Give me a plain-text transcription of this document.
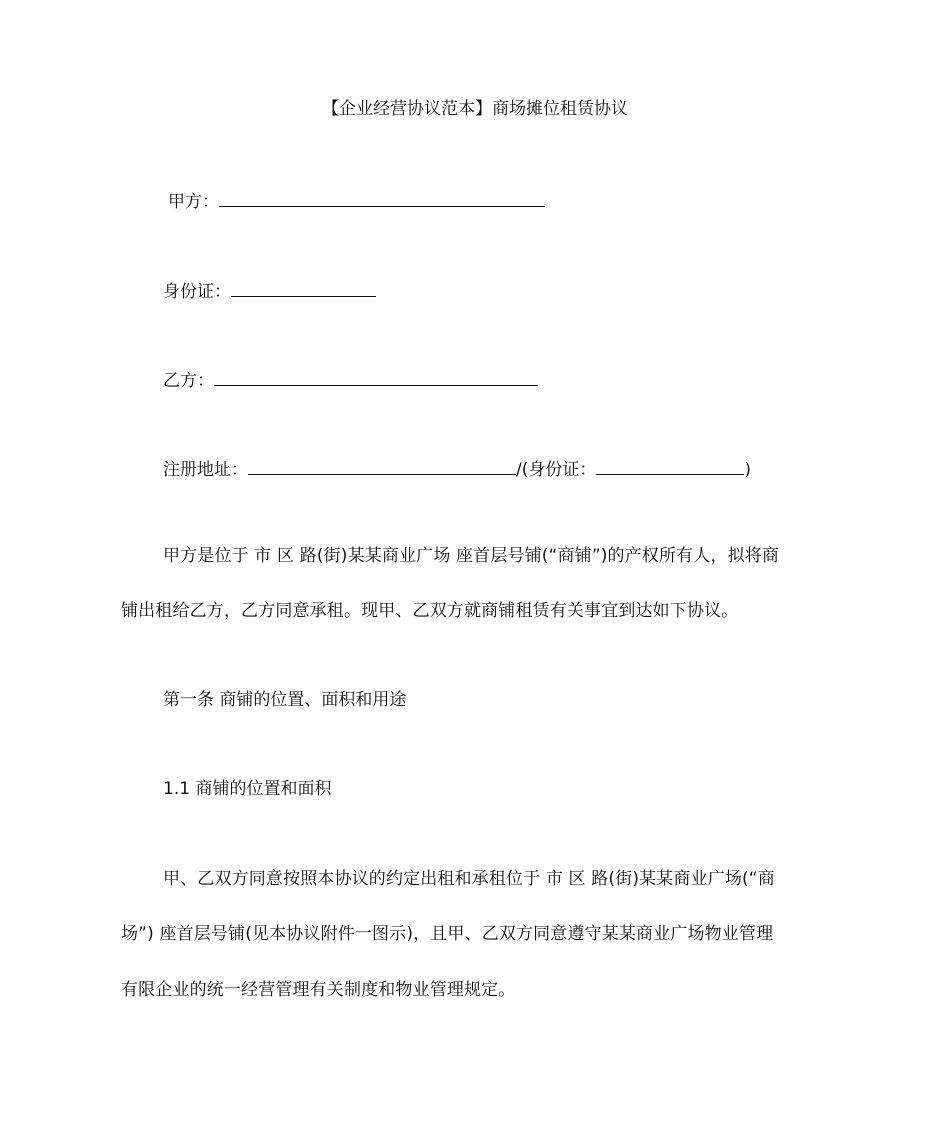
【企业经营协议范本】商场摊位租赁协议
甲方：
身份证：
乙方：
注册地址：	/(身份证：	)
甲方是位于 市 区 路(街)某某商业广场 座首层号铺(“商铺”)的产权所有人，拟将商
铺出租给乙方，乙方同意承租。现甲、乙双方就商铺租赁有关事宜到达如下协议。
第一条 商铺的位置、面积和用途
1.1 商铺的位置和面积
甲、乙双方同意按照本协议的约定出租和承租位于 市 区 路(街)某某商业广场(“商
场”) 座首层号铺(见本协议附件一图示)，且甲、乙双方同意遵守某某商业广场物业管理
有限企业的统一经营管理有关制度和物业管理规定。
